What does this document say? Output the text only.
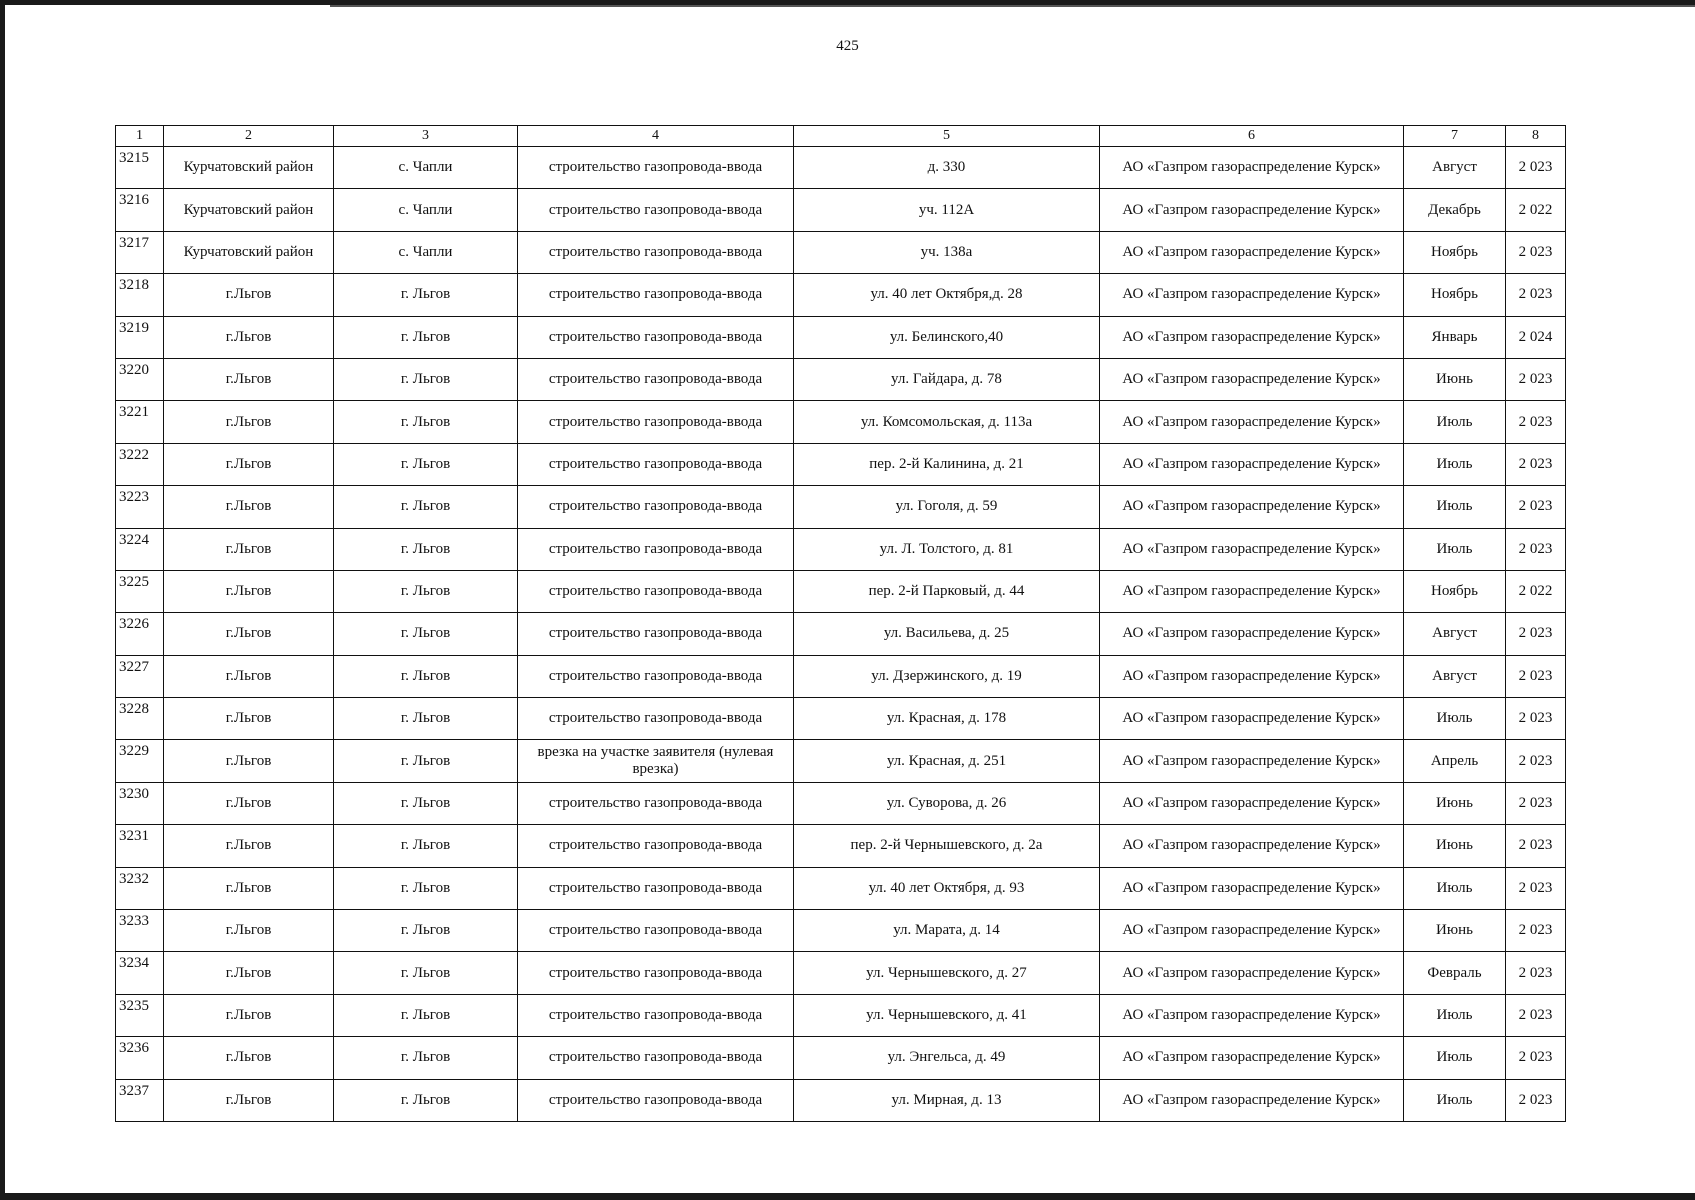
425
1	2	3	4	5	6	7	8
3215	Курчатовский район	с. Чапли	строительство газопровода-ввода	д. 330	АО «Газпром газораспределение Курск»	Август	2 023
3216	Курчатовский район	с. Чапли	строительство газопровода-ввода	уч. 112А	АО «Газпром газораспределение Курск»	Декабрь	2 022
3217	Курчатовский район	с. Чапли	строительство газопровода-ввода	уч. 138а	АО «Газпром газораспределение Курск»	Ноябрь	2 023
3218	г.Льгов	г. Льгов	строительство газопровода-ввода	ул. 40 лет Октября,д. 28	АО «Газпром газораспределение Курск»	Ноябрь	2 023
3219	г.Льгов	г. Льгов	строительство газопровода-ввода	ул. Белинского,40	АО «Газпром газораспределение Курск»	Январь	2 024
3220	г.Льгов	г. Льгов	строительство газопровода-ввода	ул. Гайдара, д. 78	АО «Газпром газораспределение Курск»	Июнь	2 023
3221	г.Льгов	г. Льгов	строительство газопровода-ввода	ул. Комсомольская, д. 113а	АО «Газпром газораспределение Курск»	Июль	2 023
3222	г.Льгов	г. Льгов	строительство газопровода-ввода	пер. 2-й Калинина, д. 21	АО «Газпром газораспределение Курск»	Июль	2 023
3223	г.Льгов	г. Льгов	строительство газопровода-ввода	ул. Гоголя, д. 59	АО «Газпром газораспределение Курск»	Июль	2 023
3224	г.Льгов	г. Льгов	строительство газопровода-ввода	ул. Л. Толстого, д. 81	АО «Газпром газораспределение Курск»	Июль	2 023
3225	г.Льгов	г. Льгов	строительство газопровода-ввода	пер. 2-й Парковый, д. 44	АО «Газпром газораспределение Курск»	Ноябрь	2 022
3226	г.Льгов	г. Льгов	строительство газопровода-ввода	ул. Васильева, д. 25	АО «Газпром газораспределение Курск»	Август	2 023
3227	г.Льгов	г. Льгов	строительство газопровода-ввода	ул. Дзержинского, д. 19	АО «Газпром газораспределение Курск»	Август	2 023
3228	г.Льгов	г. Льгов	строительство газопровода-ввода	ул. Красная, д. 178	АО «Газпром газораспределение Курск»	Июль	2 023
3229	г.Льгов	г. Льгов	врезка на участке заявителя (нулевая врезка)	ул. Красная, д. 251	АО «Газпром газораспределение Курск»	Апрель	2 023
3230	г.Льгов	г. Льгов	строительство газопровода-ввода	ул. Суворова, д. 26	АО «Газпром газораспределение Курск»	Июнь	2 023
3231	г.Льгов	г. Льгов	строительство газопровода-ввода	пер. 2-й Чернышевского, д. 2а	АО «Газпром газораспределение Курск»	Июнь	2 023
3232	г.Льгов	г. Льгов	строительство газопровода-ввода	ул. 40 лет Октября, д. 93	АО «Газпром газораспределение Курск»	Июль	2 023
3233	г.Льгов	г. Льгов	строительство газопровода-ввода	ул. Марата, д. 14	АО «Газпром газораспределение Курск»	Июнь	2 023
3234	г.Льгов	г. Льгов	строительство газопровода-ввода	ул. Чернышевского, д. 27	АО «Газпром газораспределение Курск»	Февраль	2 023
3235	г.Льгов	г. Льгов	строительство газопровода-ввода	ул. Чернышевского, д. 41	АО «Газпром газораспределение Курск»	Июль	2 023
3236	г.Льгов	г. Льгов	строительство газопровода-ввода	ул. Энгельса, д. 49	АО «Газпром газораспределение Курск»	Июль	2 023
3237	г.Льгов	г. Льгов	строительство газопровода-ввода	ул. Мирная, д. 13	АО «Газпром газораспределение Курск»	Июль	2 023
